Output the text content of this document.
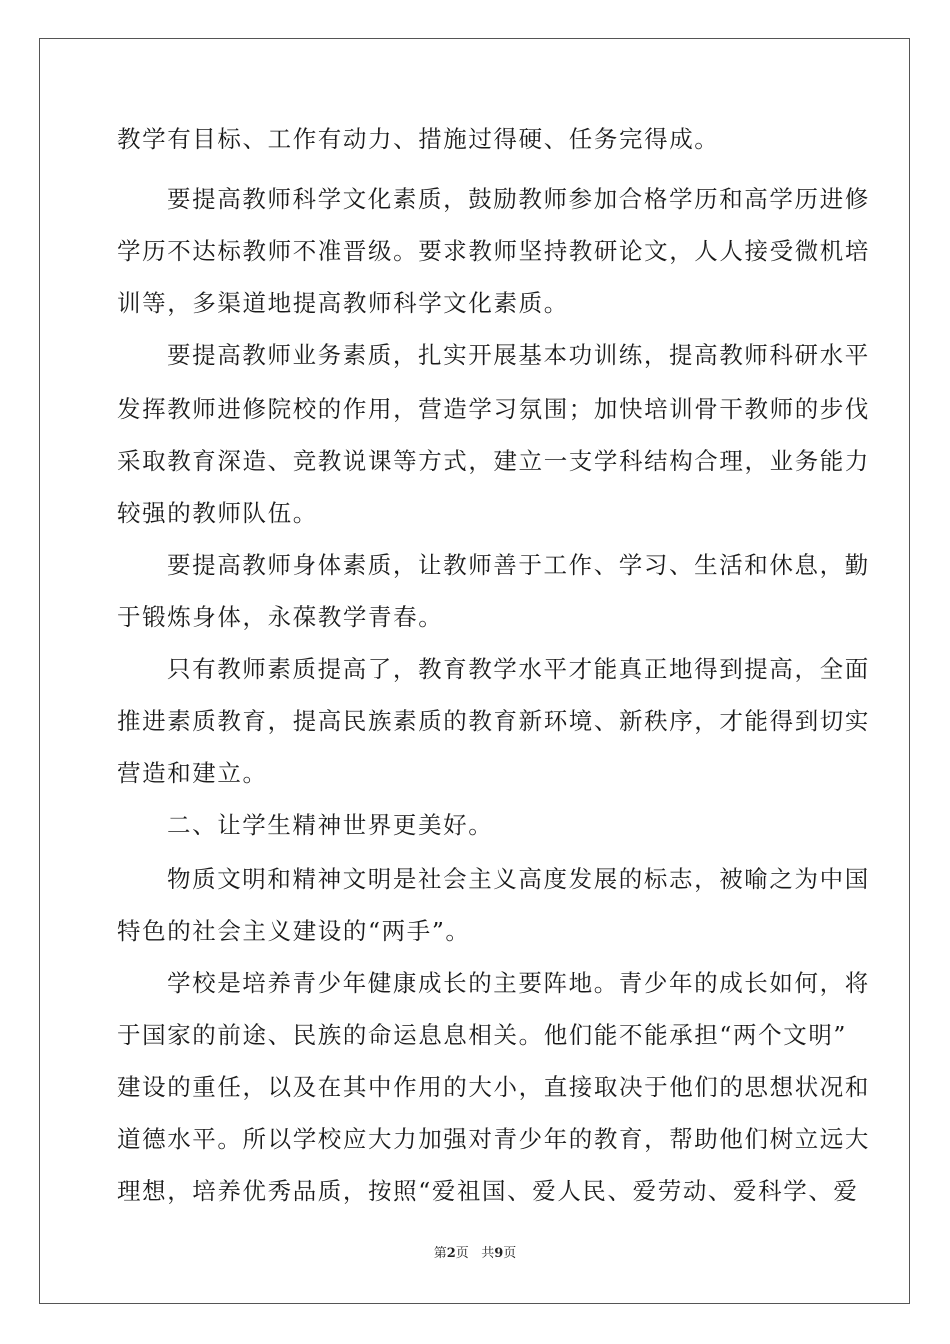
教学有目标、工作有动力、措施过得硬、任务完得成。
要提高教师科学文化素质，鼓励教师参加合格学历和高学历进修
学历不达标教师不准晋级。要求教师坚持教研论文，人人接受微机培
训等，多渠道地提高教师科学文化素质。
要提高教师业务素质，扎实开展基本功训练，提高教师科研水平
发挥教师进修院校的作用，营造学习氛围；加快培训骨干教师的步伐
采取教育深造、竞教说课等方式，建立一支学科结构合理，业务能力
较强的教师队伍。
要提高教师身体素质，让教师善于工作、学习、生活和休息，勤
于锻炼身体，永葆教学青春。
只有教师素质提高了，教育教学水平才能真正地得到提高，全面
推进素质教育，提高民族素质的教育新环境、新秩序，才能得到切实
营造和建立。
二、让学生精神世界更美好。
物质文明和精神文明是社会主义高度发展的标志，被喻之为中国
特色的社会主义建设的“两手”。
学校是培养青少年健康成长的主要阵地。青少年的成长如何，将
于国家的前途、民族的命运息息相关。他们能不能承担“两个文明”
建设的重任，以及在其中作用的大小，直接取决于他们的思想状况和
道德水平。所以学校应大力加强对青少年的教育，帮助他们树立远大
理想，培养优秀品质，按照“爱祖国、爱人民、爱劳动、爱科学、爱
第2页 共9页
